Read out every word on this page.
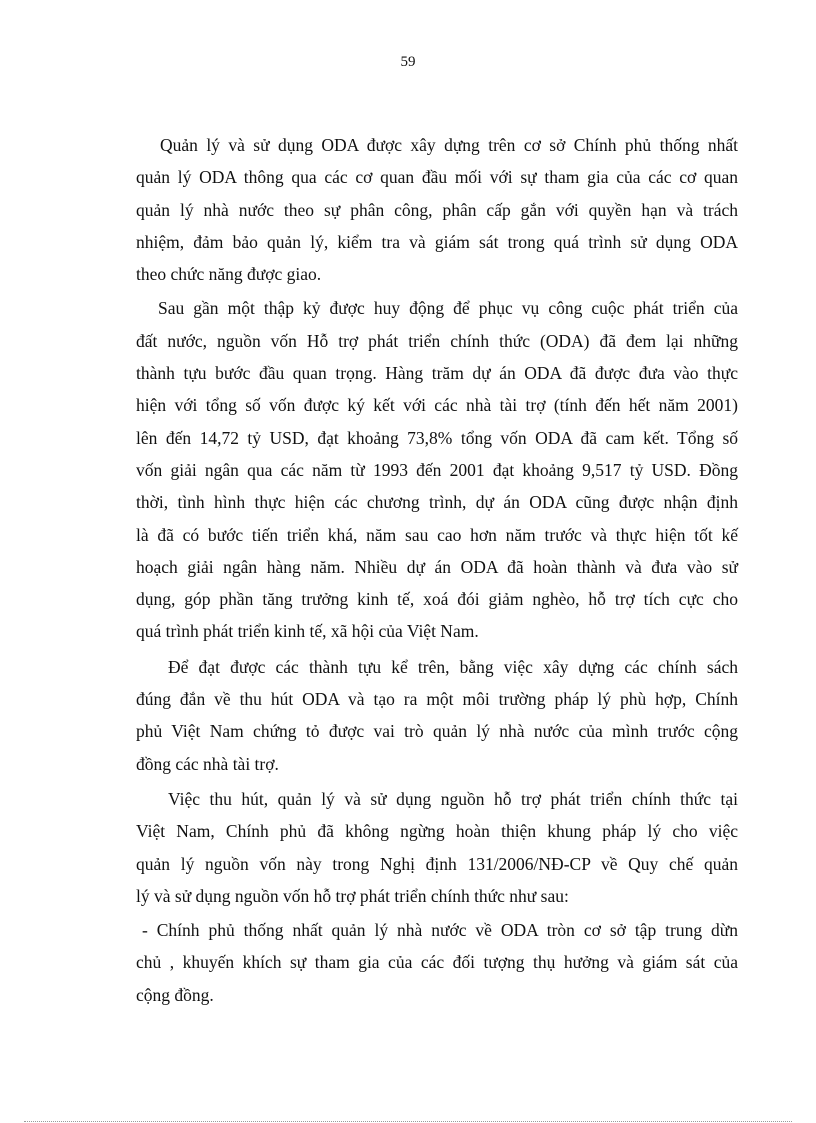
59
Quản lý và sử dụng ODA được xây dựng trên cơ sở Chính phủ thống nhất
quản lý ODA thông qua các cơ quan đầu mối với sự tham gia của các cơ quan
quản lý nhà nước theo sự phân công, phân cấp gắn với quyền hạn và trách
nhiệm, đảm bảo quản lý, kiểm tra và giám sát trong quá trình sử dụng ODA
theo chức năng được giao.
Sau gần một thập kỷ được huy động để phục vụ công cuộc phát triển của
đất nước, nguồn vốn Hỗ trợ phát triển chính thức (ODA) đã đem lại những
thành tựu bước đầu quan trọng. Hàng trăm dự án ODA đã được đưa vào thực
hiện với tổng số vốn được ký kết với các nhà tài trợ (tính đến hết năm 2001)
lên đến 14,72 tỷ USD, đạt khoảng 73,8% tổng vốn ODA đã cam kết. Tổng số
vốn giải ngân qua các năm từ 1993 đến 2001 đạt khoảng 9,517 tỷ USD. Đồng
thời, tình hình thực hiện các chương trình, dự án ODA cũng được nhận định
là đã có bước tiến triển khá, năm sau cao hơn năm trước và thực hiện tốt kế
hoạch giải ngân hàng năm. Nhiều dự án ODA đã hoàn thành và đưa vào sử
dụng, góp phần tăng trưởng kinh tế, xoá đói giảm nghèo, hỗ trợ tích cực cho
quá trình phát triển kinh tế, xã hội của Việt Nam.
Để đạt được các thành tựu kể trên, bằng việc xây dựng các chính sách
đúng đắn về thu hút ODA và tạo ra một môi trường pháp lý phù hợp, Chính
phủ Việt Nam chứng tỏ được vai trò quản lý nhà nước của mình trước cộng
đồng các nhà tài trợ.
Việc thu hút, quản lý và sử dụng nguồn hỗ trợ phát triển chính thức tại
Việt Nam, Chính phủ đã không ngừng hoàn thiện khung pháp lý cho việc
quản lý nguồn vốn này trong Nghị định 131/2006/NĐ-CP về Quy chế quản
lý và sử dụng nguồn vốn hỗ trợ phát triển chính thức như sau:
- Chính phủ thống nhất quản lý nhà nước về ODA tròn cơ sở tập trung dừn
chủ , khuyến khích sự tham gia của các đối tượng thụ hưởng và giám sát của
cộng đồng.
